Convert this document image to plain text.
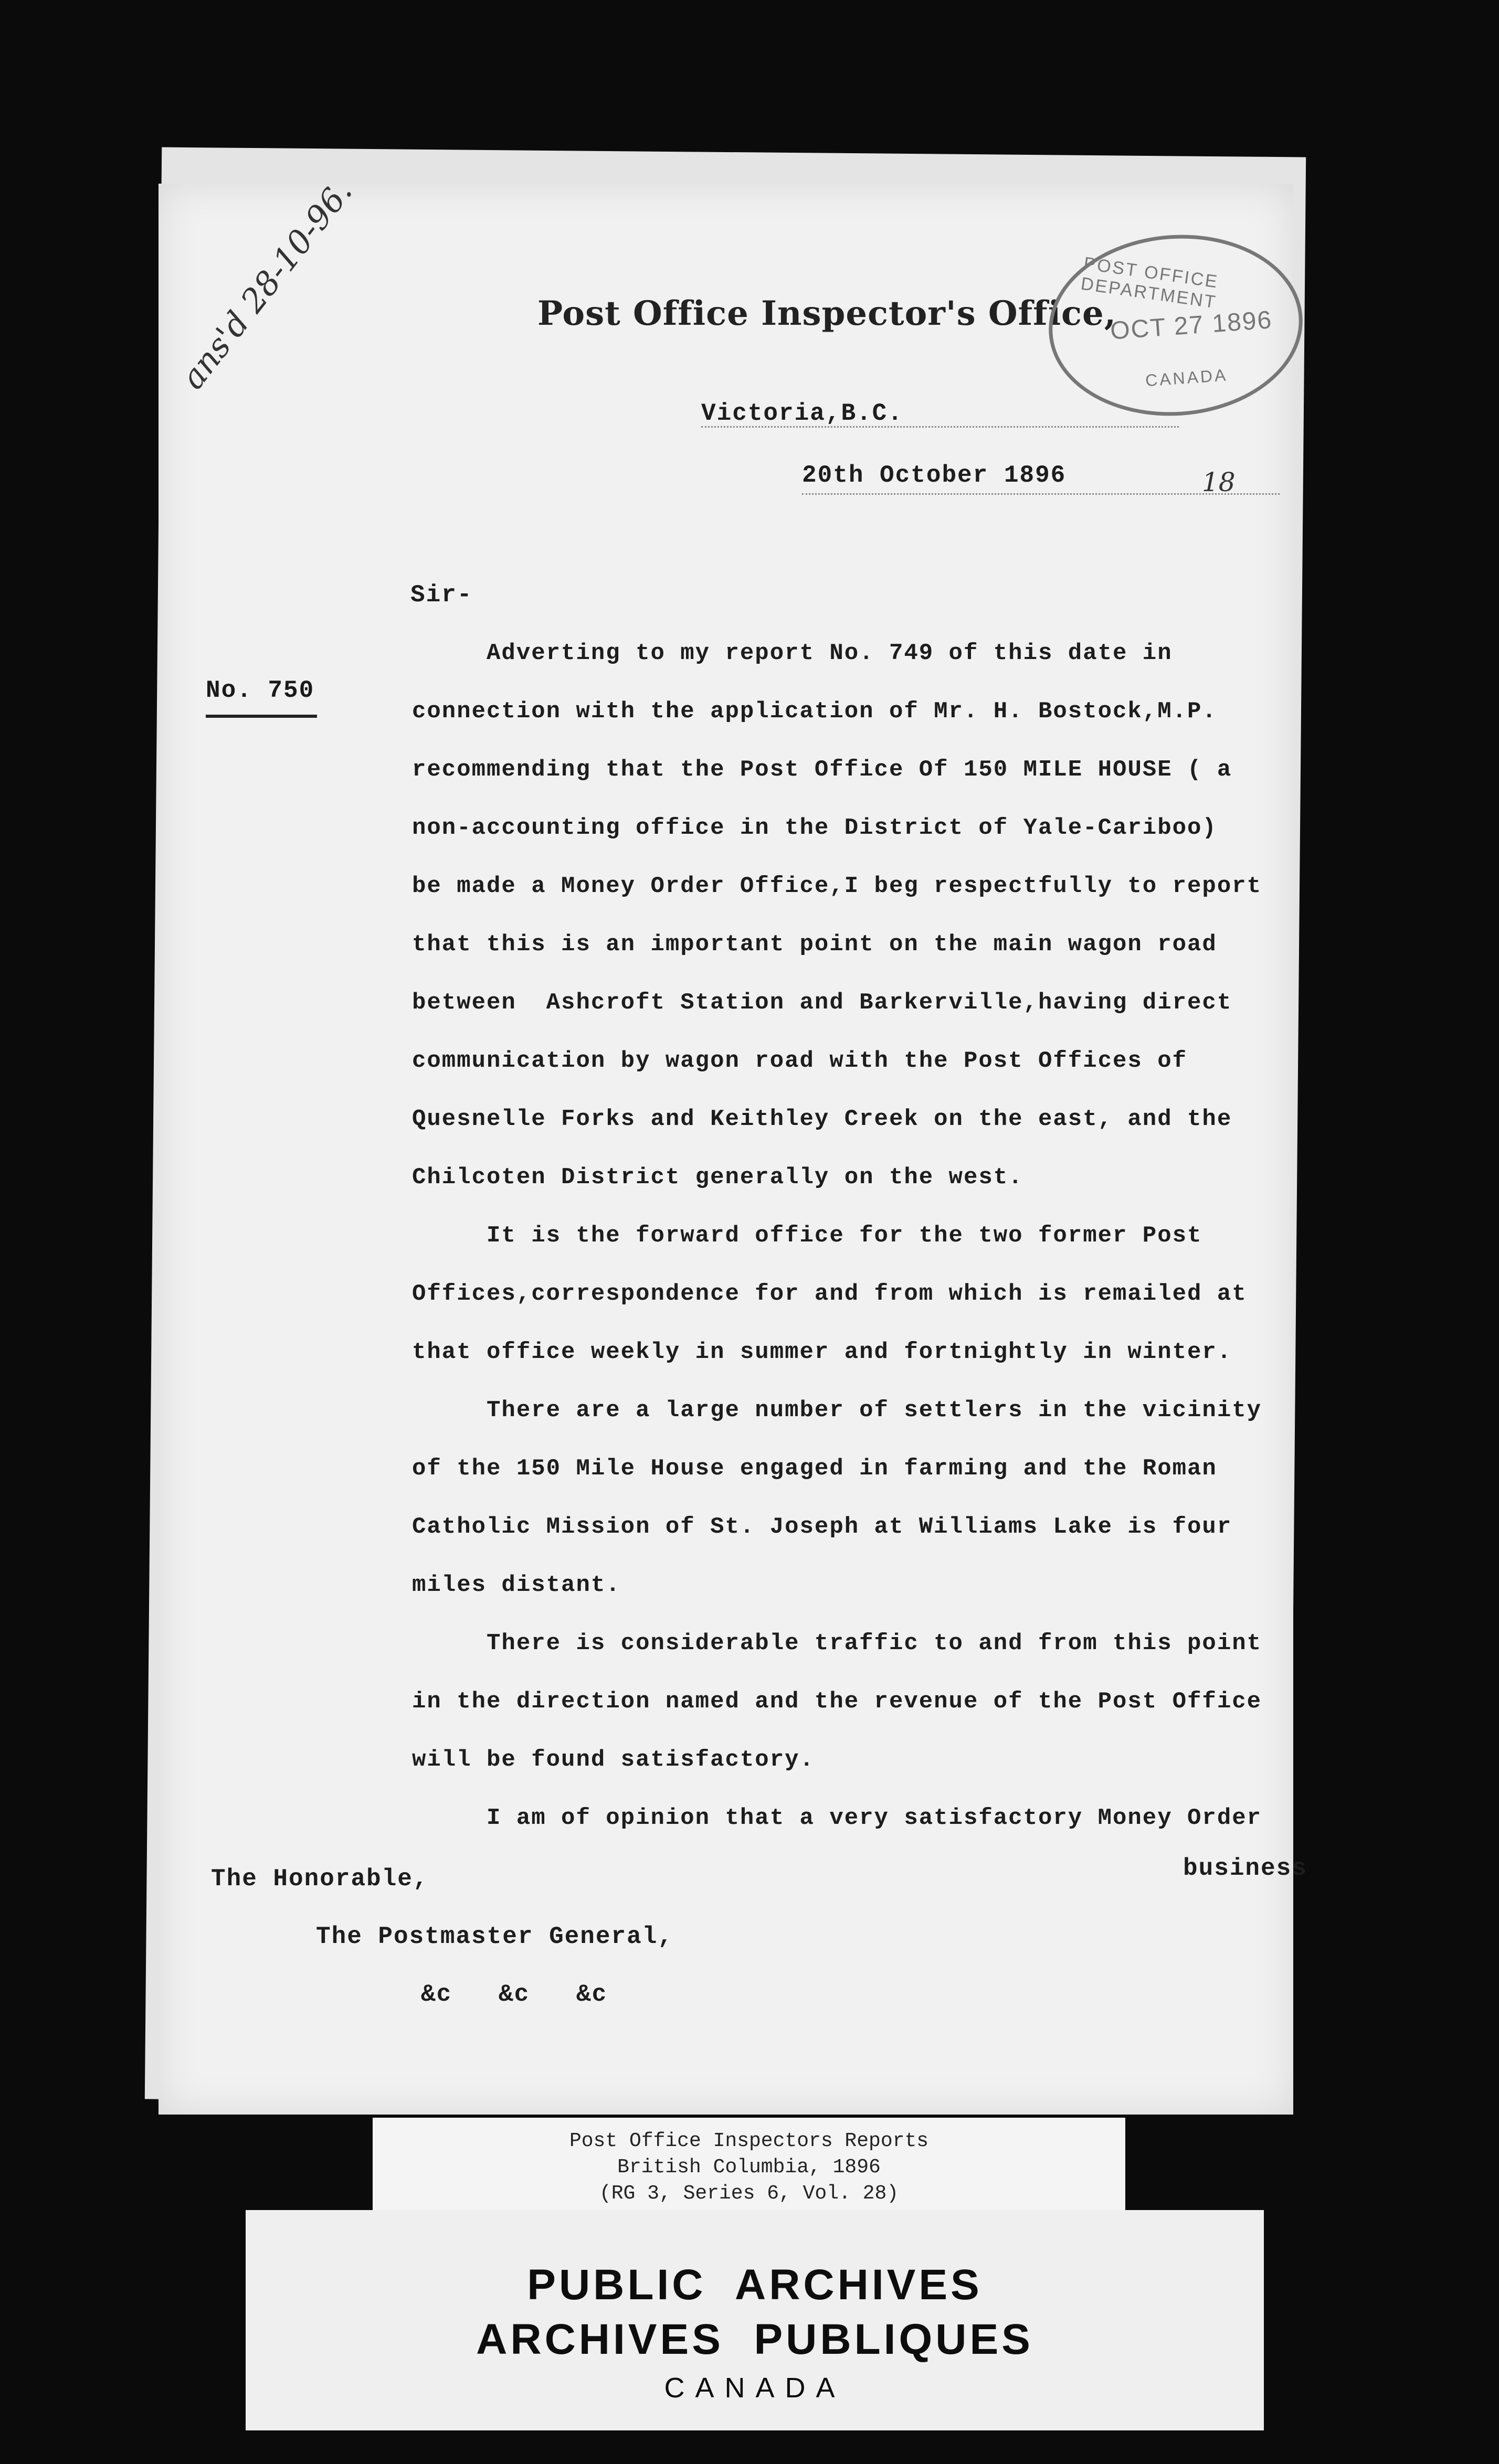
Post Office Inspector's Office,
POST OFFICE DEPARTMENT
OCT 27 1896
CANADA
ans'd 28-10-96.
Victoria,B.C.
20th October 1896	18
Sir-
No. 750

Adverting to my report No. 749 of this date in

connection with the application of Mr. H. Bostock,M.P.

recommending that the Post Office Of 150 MILE HOUSE ( a

non-accounting office in the District of Yale-Cariboo)

be made a Money Order Office,I beg respectfully to report

that this is an important point on the main wagon road

between  Ashcroft Station and Barkerville,having direct

communication by wagon road with the Post Offices of

Quesnelle Forks and Keithley Creek on the east, and the

Chilcoten District generally on the west.

It is the forward office for the two former Post

Offices,correspondence for and from which is remailed at

that office weekly in summer and fortnightly in winter.

There are a large number of settlers in the vicinity

of the 150 Mile House engaged in farming and the Roman

Catholic Mission of St. Joseph at Williams Lake is four

miles distant.

There is considerable traffic to and from this point

in the direction named and the revenue of the Post Office

will be found satisfactory.

I am of opinion that a very satisfactory Money Order

business
The Honorable,
The Postmaster General,
&c   &c   &c
Post Office Inspectors Reports
British Columbia, 1896
(RG 3, Series 6, Vol. 28)
PUBLIC  ARCHIVES
ARCHIVES  PUBLIQUES
CANADA
